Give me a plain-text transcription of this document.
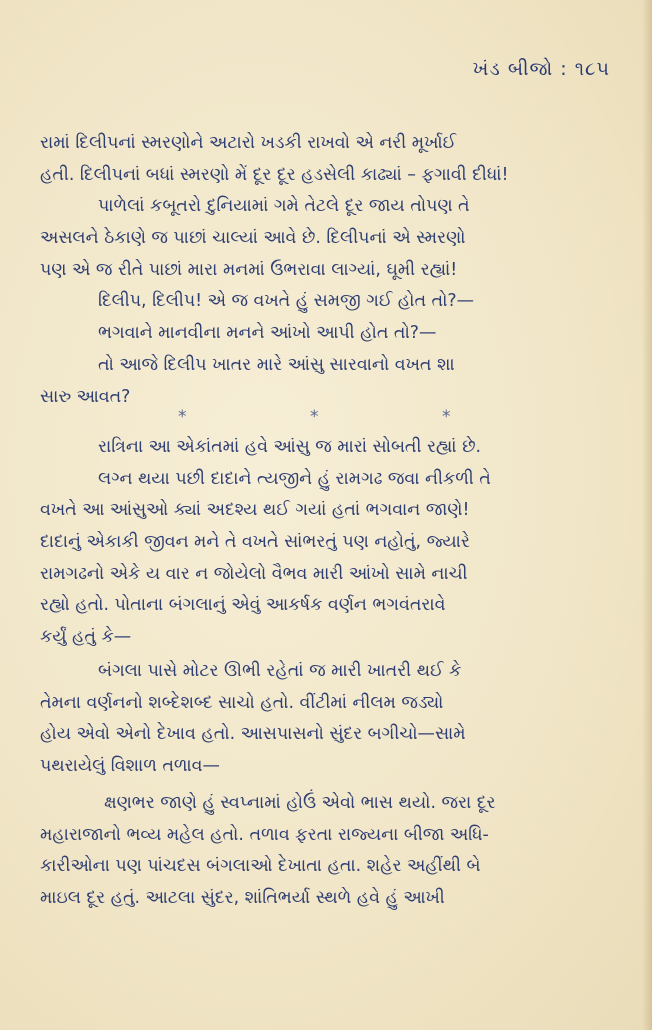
ખંડ બીજો : ૧૮૫
રામાં દિલીપનાં સ્મરણોને અટારો ખડકી રાખવો એ નરી મૂર્ખાઈ
હતી. દિલીપનાં બધાં સ્મરણો મેં દૂર દૂર હડસેલી કાઢ્યાં – ફગાવી દીધાં!
પાળેલાં કબૂતરો દુનિયામાં ગમે તેટલે દૂર જાય તોપણ તે
અસલને ઠેકાણે જ પાછાં ચાલ્યાં આવે છે. દિલીપનાં એ સ્મરણો
પણ એ જ રીતે પાછાં મારા મનમાં ઉભરાવા લાગ્યાં, ઘૂમી રહ્યાં!
દિલીપ, દિલીપ! એ જ વખતે હું સમજી ગઈ હોત તો?—
ભગવાને માનવીના મનને આંખો આપી હોત તો?—
તો આજે દિલીપ ખાતર મારે આંસુ સારવાનો વખત શા
સારુ આવત?
*	*	*
રાત્રિના આ એકાંતમાં હવે આંસુ જ મારાં સોબતી રહ્યાં છે.
લગ્ન થયા પછી દાદાને ત્યજીને હું રામગઢ જવા નીકળી તે
વખતે આ આંસુઓ ક્યાં અદશ્ય થઈ ગયાં હતાં ભગવાન જાણે!
દાદાનું એકાકી જીવન મને તે વખતે સાંભરતું પણ નહોતું, જ્યારે
રામગઢનો એકે ય વાર ન જોયેલો વૈભવ મારી આંખો સામે નાચી
રહ્યો હતો. પોતાના બંગલાનું એવું આકર્ષક વર્ણન ભગવંતરાવે
કર્યું હતું કે—
બંગલા પાસે મોટર ઊભી રહેતાં જ મારી ખાતરી થઈ કે
તેમના વર્ણનનો શબ્દેશબ્દ સાચો હતો. વીંટીમાં નીલમ જડ્યો
હોય એવો એનો દેખાવ હતો. આસપાસનો સુંદર બગીચો—સામે
પથરાયેલું વિશાળ તળાવ—
ક્ષણભર જાણે હું સ્વપ્નામાં હોઉં એવો ભાસ થયો. જરા દૂર
મહારાજાનો ભવ્ય મહેલ હતો. તળાવ ફરતા રાજ્યના બીજા અધિ-
કારીઓના પણ પાંચદસ બંગલાઓ દેખાતા હતા. શહેર અહીંથી બે
માઇલ દૂર હતું. આટલા સુંદર, શાંતિભર્યા સ્થળે હવે હું આખી
